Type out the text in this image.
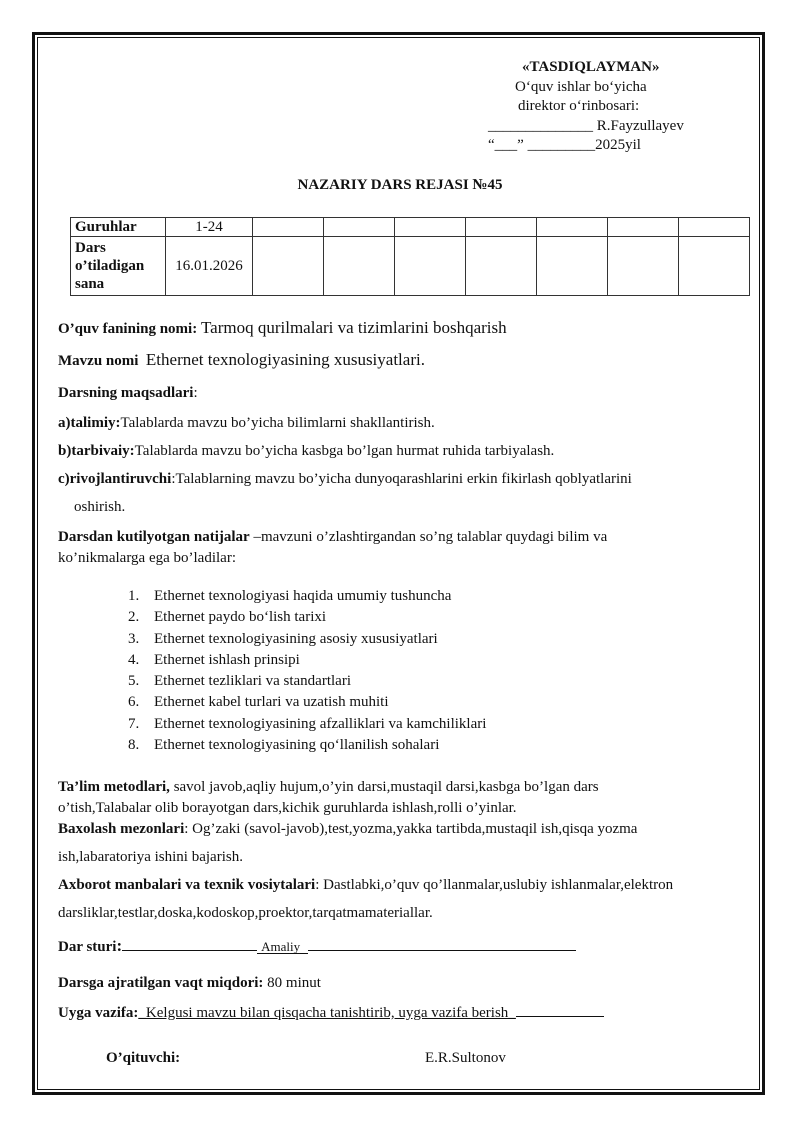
«TASDIQLAYMAN»
O‘quv ishlar bo‘yicha
direktor o‘rinbosari:
______________ R.Fayzullayev
“___” _________2025yil
NAZARIY DARS REJASI №45
Guruhlar	1-24							

Dars
o’tiladigan
sana	16.01.2026							
O’quv fanining nomi: Tarmoq qurilmalari va tizimlarini boshqarish
Mavzu nomi Ethernet texnologiyasining xususiyatlari.
Darsning maqsadlari:
a)talimiy:Talablarda mavzu bo’yicha bilimlarni shakllantirish.
b)tarbivaiy:Talablarda mavzu bo’yicha kasbga bo’lgan hurmat ruhida tarbiyalash.
c)rivojlantiruvchi:Talablarning mavzu bo’yicha dunyoqarashlarini erkin fikirlash qoblyatlarini
oshirish.
Darsdan kutilyotgan natijalar –mavzuni o’zlashtirgandan so’ng talablar quydagi bilim va
ko’nikmalarga ega bo’ladilar:
1. Ethernet texnologiyasi haqida umumiy tushuncha
2. Ethernet paydo bo‘lish tarixi
3. Ethernet texnologiyasining asosiy xususiyatlari
4. Ethernet ishlash prinsipi
5. Ethernet tezliklari va standartlari
6. Ethernet kabel turlari va uzatish muhiti
7. Ethernet texnologiyasining afzalliklari va kamchiliklari
8. Ethernet texnologiyasining qo‘llanilish sohalari
Ta’lim metodlari, savol javob,aqliy hujum,o’yin darsi,mustaqil darsi,kasbga bo’lgan dars
o’tish,Talabalar olib borayotgan dars,kichik guruhlarda ishlash,rolli o’yinlar.
Baxolash mezonlari: Og’zaki (savol-javob),test,yozma,yakka tartibda,mustaqil ish,qisqa yozma
ish,labaratoriya ishini bajarish.
Axborot manbalari va texnik vosiytalari: Dastlabki,o’quv qo’llanmalar,uslubiy ishlanmalar,elektron
darsliklar,testlar,doska,kodoskop,proektor,tarqatmamateriallar.
Dar sturi:	Amaliy
Darsga ajratilgan vaqt miqdori: 80 minut
Uyga vazifa:_Kelgusi mavzu bilan qisqacha tanishtirib, uyga vazifa berish_
O’qituvchi:	E.R.Sultonov
